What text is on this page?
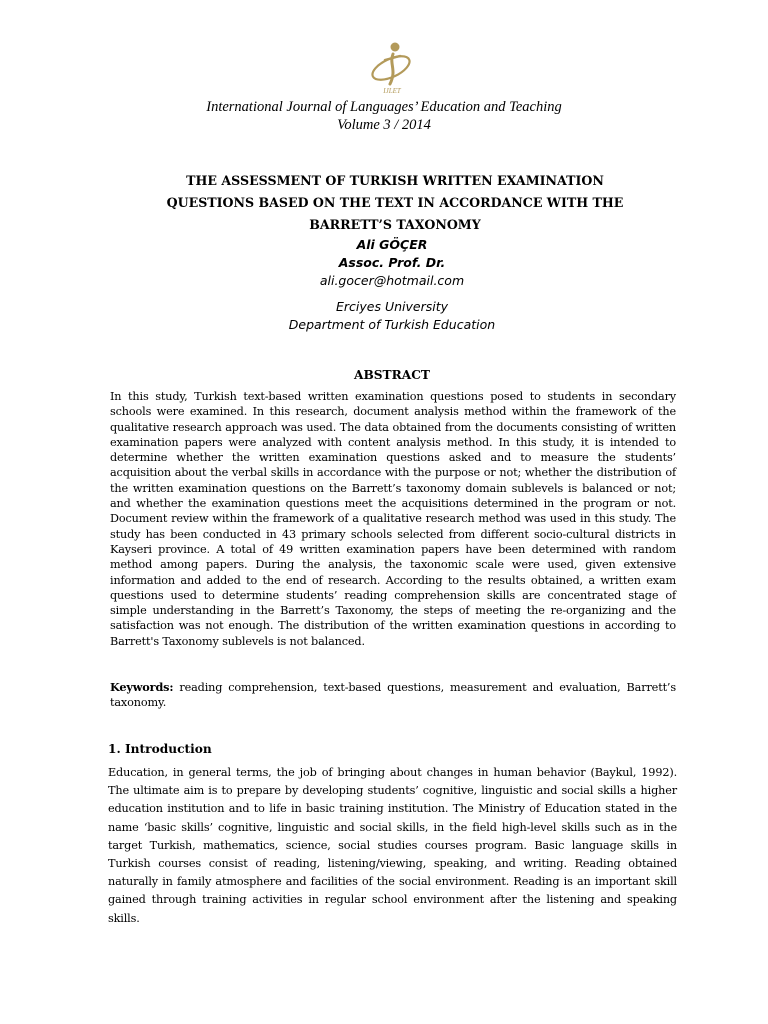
IJLET
International Journal of Languages’ Education and Teaching
Volume 3 / 2014
THE ASSESSMENT OF TURKISH WRITTEN EXAMINATION QUESTIONS BASED ON THE TEXT IN ACCORDANCE WITH THE BARRETT’S TAXONOMY
Ali GÖÇER
Assoc. Prof. Dr.
ali.gocer@hotmail.com
Erciyes University
Department of Turkish Education
ABSTRACT

In this study, Turkish text-based written examination questions posed to students in secondary schools were examined. In this research, document analysis method within the framework of the qualitative research approach was used. The data obtained from the documents consisting of written examination papers were analyzed with content analysis method. In this study, it is intended to determine whether the written examination questions asked and to measure the students’ acquisition about the verbal skills in accordance with the purpose or not; whether the distribution of the written examination questions on the Barrett’s taxonomy domain sublevels is balanced or not; and whether the examination questions meet the acquisitions determined in the program or not. Document review within the framework of a qualitative research method was used in this study. The study has been conducted in 43 primary schools selected from different socio-cultural districts in Kayseri province. A total of 49 written examination papers have been determined with random method among papers. During the analysis, the taxonomic scale were used, given extensive information and added to the end of research. According to the results obtained, a written exam questions used to determine students’ reading comprehension skills are concentrated stage of simple understanding in the Barrett’s Taxonomy, the steps of meeting the re-organizing and the satisfaction was not enough. The distribution of the written examination questions in according to Barrett's Taxonomy sublevels is not balanced.

Keywords: reading comprehension, text-based questions, measurement and evaluation, Barrett’s taxonomy.

1. Introduction

Education, in general terms, the job of bringing about changes in human behavior (Baykul, 1992). The ultimate aim is to prepare by developing students’ cognitive, linguistic and social skills a higher education institution and to life in basic training institution. The Ministry of Education stated in the name ‘basic skills’ cognitive, linguistic and social skills, in the field high-level skills such as in the target Turkish, mathematics, science, social studies courses program. Basic language skills in Turkish courses consist of reading, listening/viewing, speaking, and writing. Reading obtained naturally in family atmosphere and facilities of the social environment. Reading is an important skill gained through training activities in regular school environment after the listening and speaking skills.
